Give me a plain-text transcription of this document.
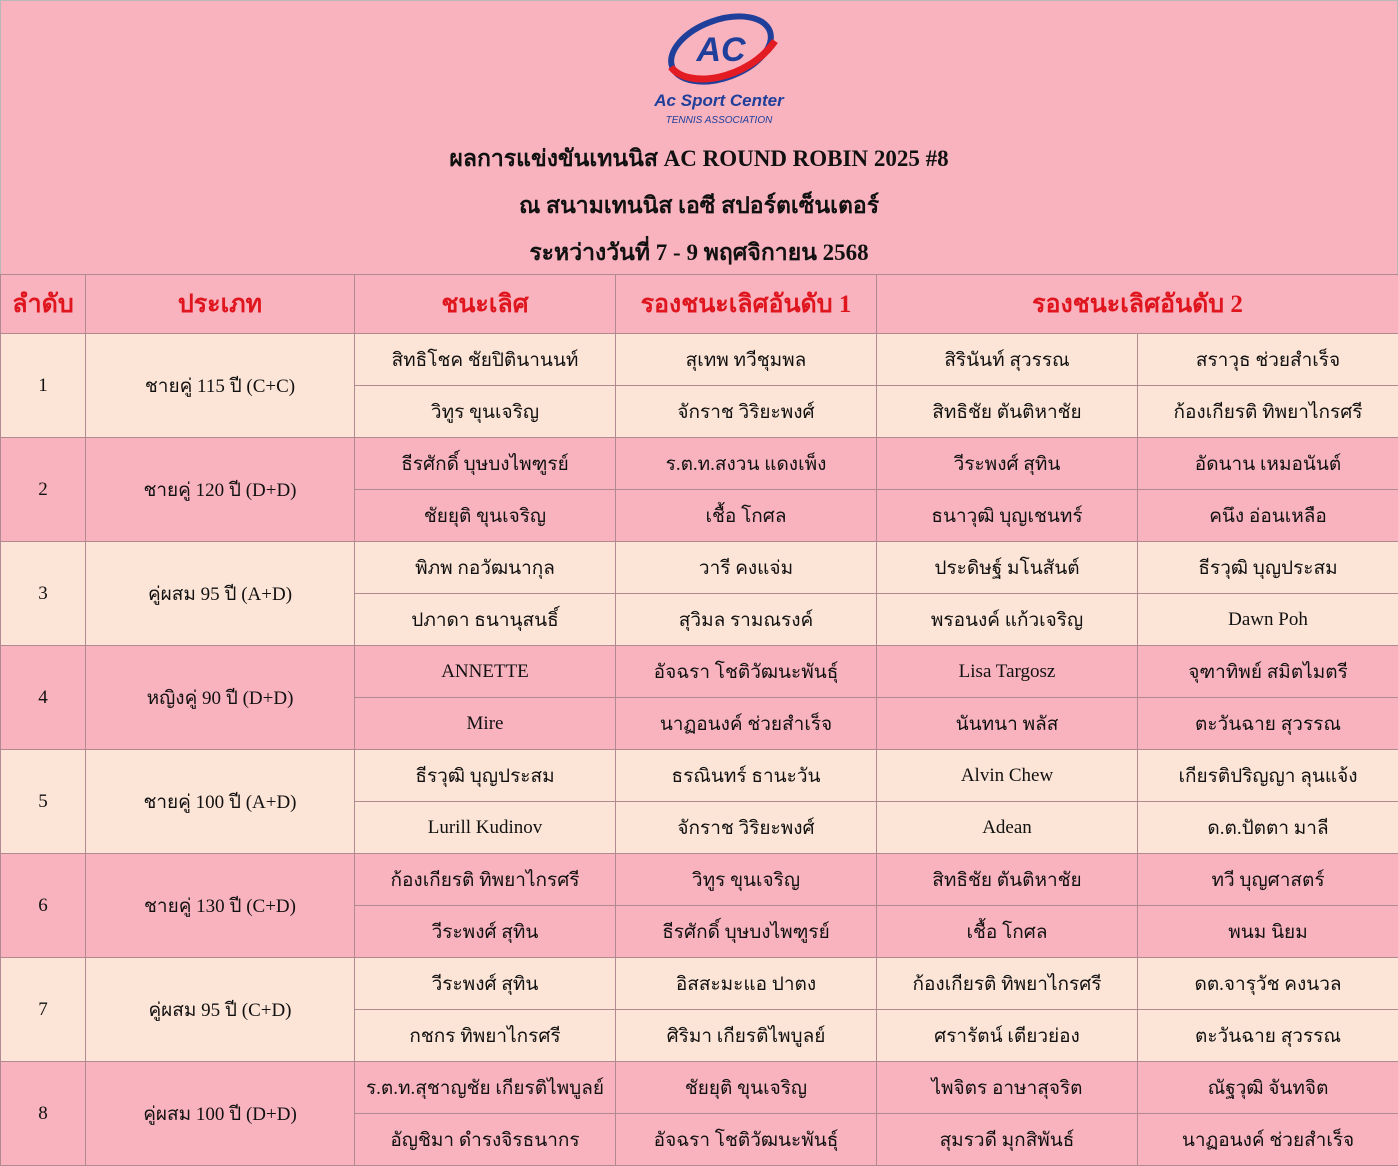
AC
Ac Sport Center
TENNIS ASSOCIATION
ผลการแข่งขันเทนนิส AC ROUND ROBIN 2025 #8
ณ สนามเทนนิส เอซี สปอร์ตเซ็นเตอร์
ระหว่างวันที่ 7 - 9 พฤศจิกายน 2568
ลำดับ	ประเภท	ชนะเลิศ	รองชนะเลิศอันดับ 1	รองชนะเลิศอันดับ 2	
1	ชายคู่ 115 ปี (C+C)	สิทธิโชค ชัยปิตินานนท์	สุเทพ ทวีชุมพล	สิรินันท์ สุวรรณ	สราวุธ ช่วยสำเร็จ
		วิทูร ขุนเจริญ	จักราช วิริยะพงศ์	สิทธิชัย ตันติหาชัย	ก้องเกียรติ ทิพยาไกรศรี
2	ชายคู่ 120 ปี (D+D)	ธีรศักดิ์ บุษบงไพฑูรย์	ร.ต.ท.สงวน แดงเพ็ง	วีระพงศ์ สุทิน	อัดนาน เหมอนันต์
		ชัยยุติ ขุนเจริญ	เชื้อ โกศล	ธนาวุฒิ บุญเชนทร์	คนึง อ่อนเหลือ
3	คู่ผสม 95 ปี (A+D)	พิภพ กอวัฒนากุล	วารี คงแจ่ม	ประดิษฐ์ มโนสันต์	ธีรวุฒิ บุญประสม
		ปภาดา ธนานุสนธิ์	สุวิมล รามณรงค์	พรอนงค์ แก้วเจริญ	Dawn Poh
4	หญิงคู่ 90 ปี (D+D)	ANNETTE	อัจฉรา โชติวัฒนะพันธุ์	Lisa Targosz	จุฑาทิพย์ สมิตไมตรี
		Mire	นาฏอนงค์ ช่วยสำเร็จ	นันทนา พลัส	ตะวันฉาย สุวรรณ
5	ชายคู่ 100 ปี (A+D)	ธีรวุฒิ บุญประสม	ธรณินทร์ ธานะวัน	Alvin Chew	เกียรติปริญญา ลุนแจ้ง
		Lurill Kudinov	จักราช วิริยะพงศ์	Adean	ด.ต.ปัตตา มาลี
6	ชายคู่ 130 ปี (C+D)	ก้องเกียรติ ทิพยาไกรศรี	วิทูร ขุนเจริญ	สิทธิชัย ตันติหาชัย	ทวี บุญศาสตร์
		วีระพงศ์ สุทิน	ธีรศักดิ์ บุษบงไพฑูรย์	เชื้อ โกศล	พนม นิยม
7	คู่ผสม 95 ปี (C+D)	วีระพงศ์ สุทิน	อิสสะมะแอ ปาตง	ก้องเกียรติ ทิพยาไกรศรี	ดต.จารุวัช คงนวล
		กชกร ทิพยาไกรศรี	ศิริมา เกียรติไพบูลย์	ศรารัตน์ เตียวย่อง	ตะวันฉาย สุวรรณ
8	คู่ผสม 100 ปี (D+D)	ร.ต.ท.สุชาญชัย เกียรติไพบูลย์	ชัยยุติ ขุนเจริญ	ไพจิตร อาษาสุจริต	ณัฐวุฒิ จันทจิต
		อัญชิมา ดำรงจิรธนากร	อัจฉรา โชติวัฒนะพันธุ์	สุมรวดี มุกสิพันธ์	นาฏอนงค์ ช่วยสำเร็จ
